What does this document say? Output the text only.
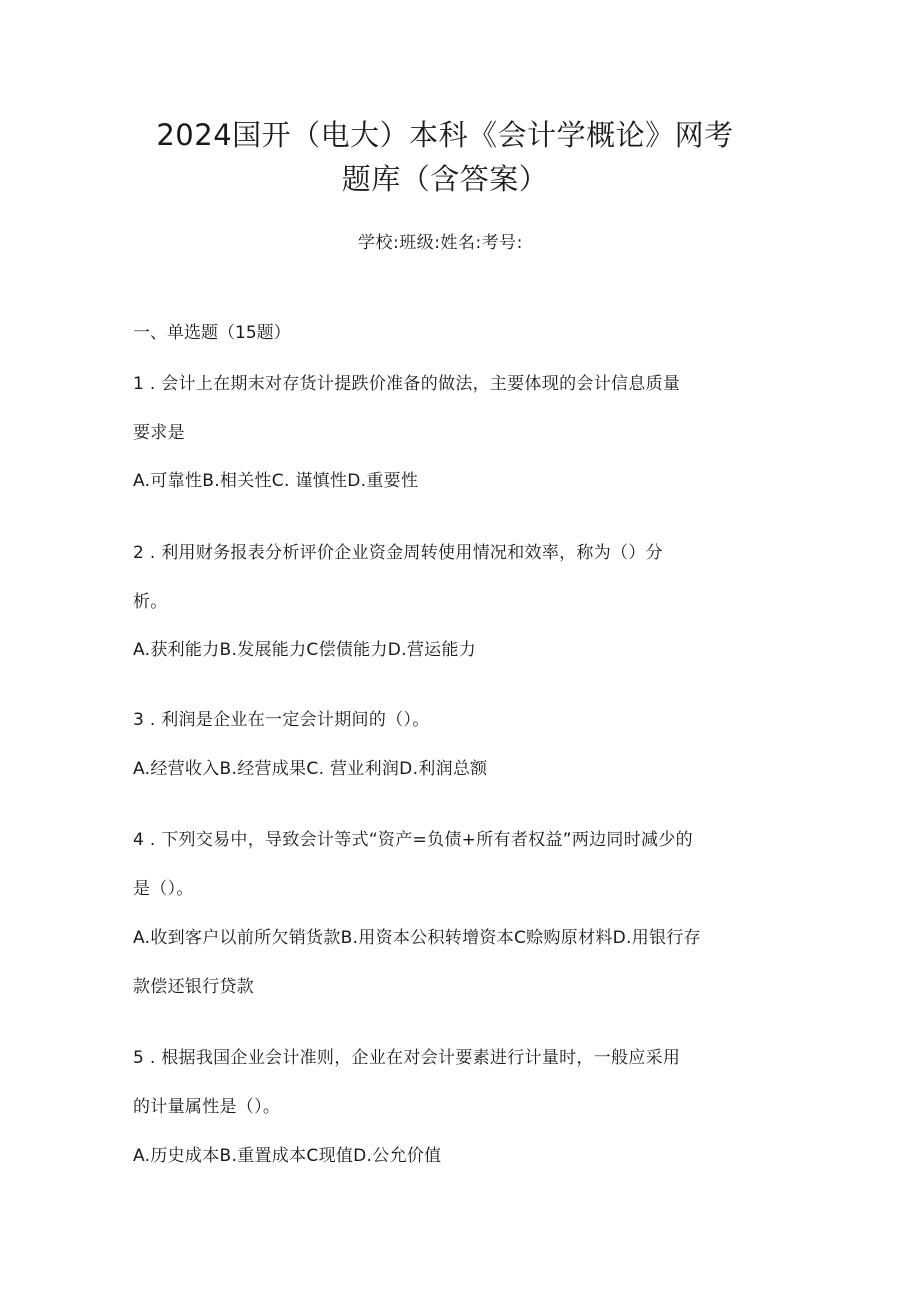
2024国开（电大）本科《会计学概论》网考
题库（含答案）
学校:班级:姓名:考号:
一、单选题（15题）
1 . 会计上在期末对存货计提跌价准备的做法，主要体现的会计信息质量
要求是
A.可靠性B.相关性C. 谨慎性D.重要性
2 . 利用财务报表分析评价企业资金周转使用情况和效率，称为（）分
析。
A.获利能力B.发展能力C偿债能力D.营运能力
3 . 利润是企业在一定会计期间的（）。
A.经营收入B.经营成果C. 营业利润D.利润总额
4 . 下列交易中，导致会计等式“资产=负债+所有者权益”两边同时减少的
是（）。
A.收到客户以前所欠销货款B.用资本公积转增资本C赊购原材料D.用银行存
款偿还银行贷款
5 . 根据我国企业会计准则，企业在对会计要素进行计量时，一般应采用
的计量属性是（）。
A.历史成本B.重置成本C现值D.公允价值
